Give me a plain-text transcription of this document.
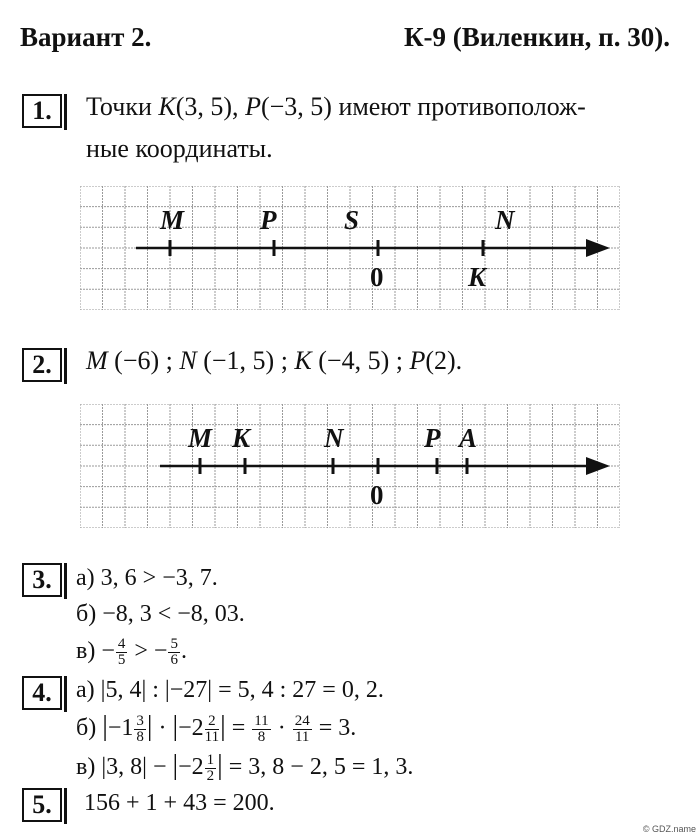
Вариант 2.	К-9 (Виленкин, п. 30).
1.	Точки K(3, 5), P(−3, 5) имеют противополож-
ные координаты.
M	P	S	N
0	K
2.	M (−6) ; N (−1, 5) ; K (−4, 5) ; P(2).
M K	N	P A
0
3.	а) 3, 6 > −3, 7.
б) −8, 3 < −8, 03.
$в) - \frac{4}{5}$ > − $\frac{5}{6}$ .
4.	а) |5, 4| : |−27| = 5, 4 : 27 = 0, 2.
б) $|-1 \frac{3}{8}$ | · $|-2 \frac{2}{11}$ | = $\frac{11}{8} \cdot \frac{24}{11} = 3$.
в) |3, $8| - |-2 \frac{1}{2}$ | = 3, 8 − 2, 5 = 1, 3.
5.	156 + 1 + 43 = 200.
© GDZ.name
